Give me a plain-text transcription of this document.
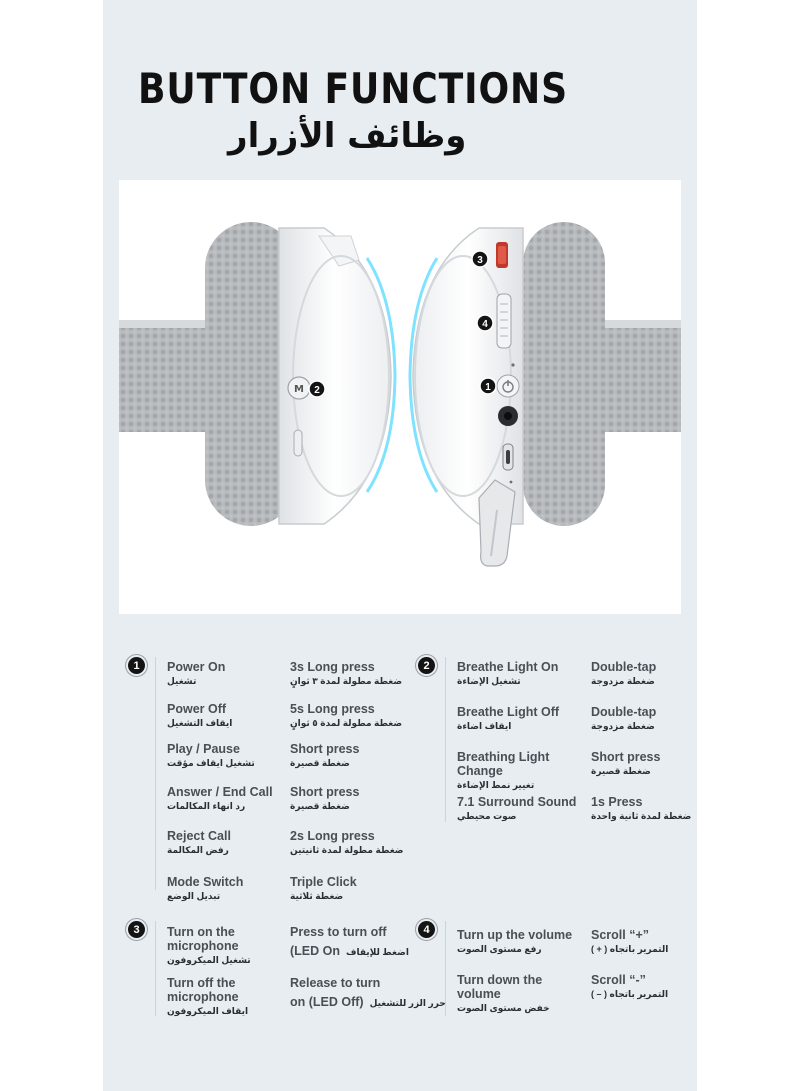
BUTTON FUNCTIONS
وظائف الأزرار
M 2
3
4
1
1	2
3	4
Power On
تشغيل
3s Long press
ضغطة مطولة لمدة ٣ ثوانٍ
Power Off
ايقاف التشغيل
5s Long press
ضغطة مطولة لمدة ٥ ثوانٍ
Play / Pause
تشغيل ايقاف مؤقت
Short press
ضغطة قصيرة
Answer / End Call
رد انهاء المكالمات
Short press
ضغطة قصيرة
Reject Call
رفض المكالمة
2s Long press
ضغطة مطولة لمدة ثانيتين
Mode Switch
تبديل الوضع
Triple Click
ضغطة ثلاثية
Breathe Light On
تشغيل الإضاءة
Double-tap
ضغطة مزدوجة
Breathe Light Off
ايقاف اضاءة
Double-tap
ضغطة مزدوجة
Breathing Light
Change
تغيير نمط الإضاءة
Short press
ضغطة قصيرة
7.1 Surround Sound
صوت محيطي
1s Press
ضغطة لمدة ثانية واحدة
Turn on the
microphone
تشغيل الميكروفون
Press to turn off
(LED On اضغط للإيقاف
Turn off the
microphone
ايقاف الميكروفون
Release to turn
on (LED Off) حرر الزر للتشغيل
Turn up the volume
رفع مستوى الصوت
Scroll “+”
التمرير باتجاه ( + )
Turn down the
volume
خفض مستوى الصوت
Scroll “-”
التمرير باتجاه ( – )
